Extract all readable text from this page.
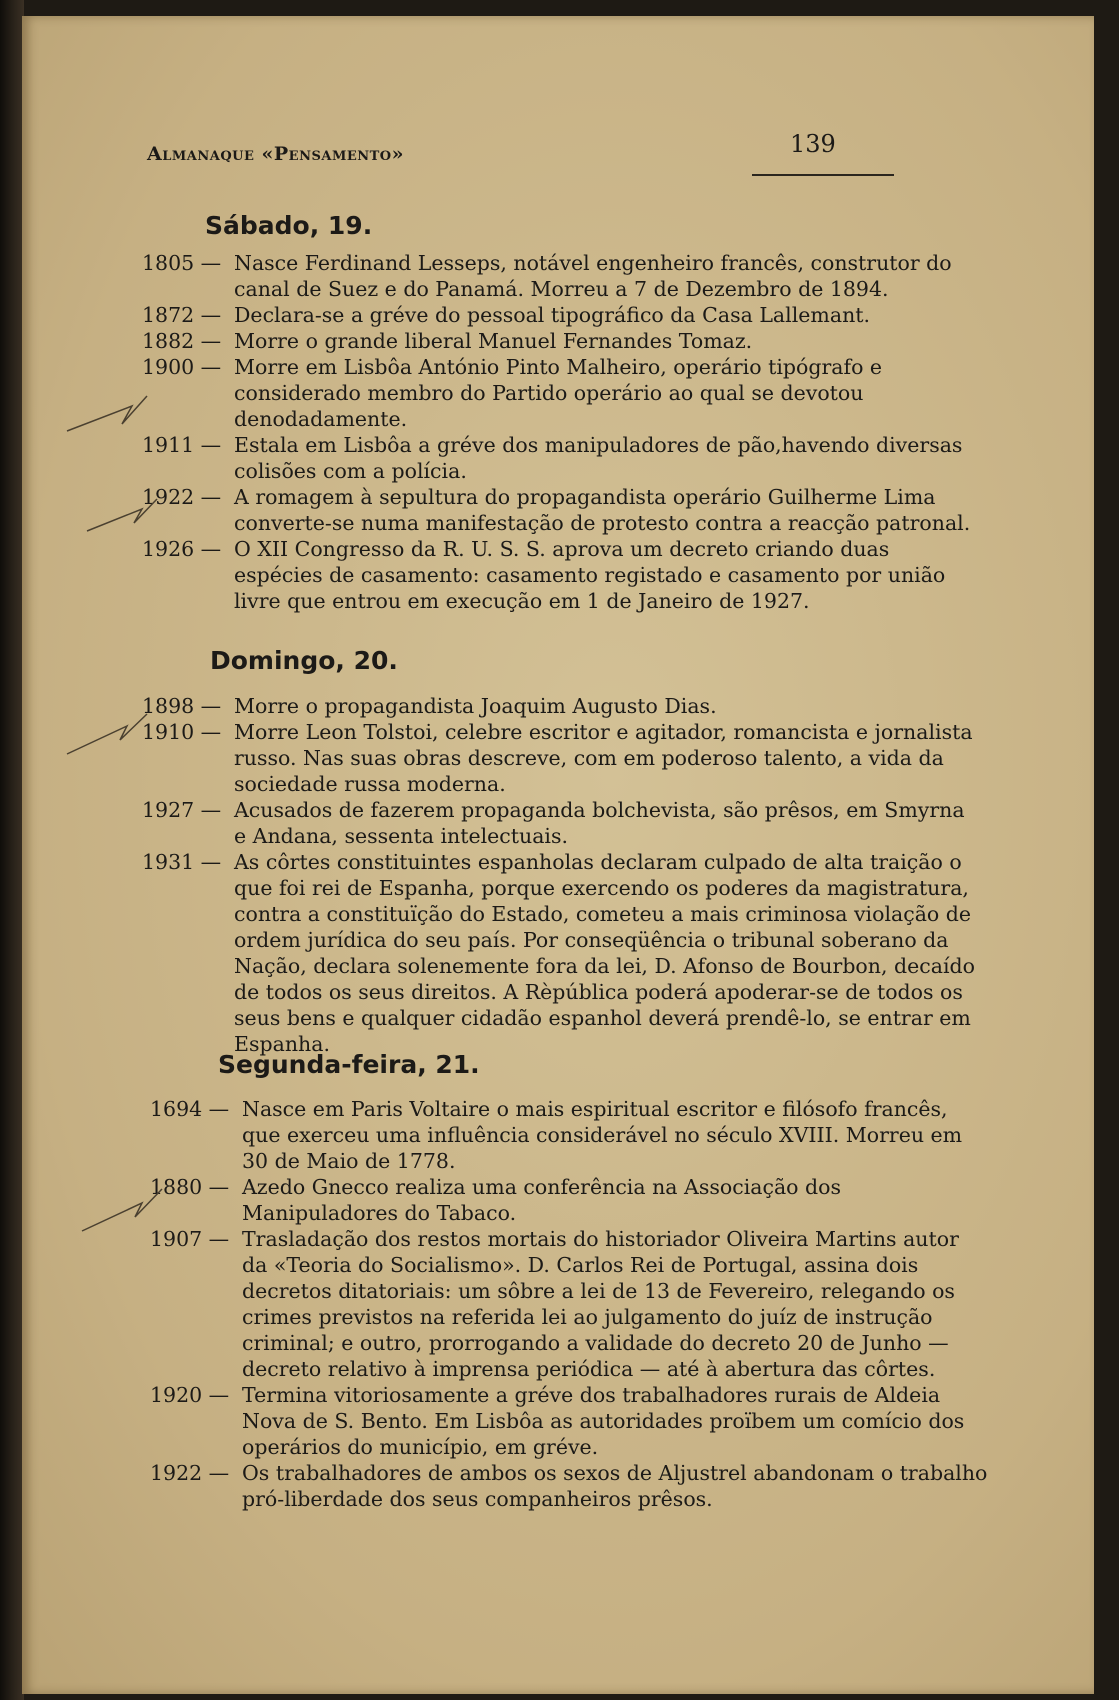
Almanaque «Pensamento»	139
Sábado, 19.
1805 — Nasce Ferdinand Lesseps, notável engenheiro francês, construtor do canal de Suez e do Panamá. Morreu a 7 de Dezembro de 1894.
1872 — Declara-se a gréve do pessoal tipográfico da Casa Lallemant.
1882 — Morre o grande liberal Manuel Fernandes Tomaz.
1900 — Morre em Lisbôa António Pinto Malheiro, operário tipógrafo e considerado membro do Partido operário ao qual se devotou denodadamente.
1911 — Estala em Lisbôa a gréve dos manipuladores de pão,havendo diversas colisões com a polícia.
1922 — A romagem à sepultura do propagandista operário Guilherme Lima converte-se numa manifestação de protesto contra a reacção patronal.
1926 — O XII Congresso da R. U. S. S. aprova um decreto criando duas espécies de casamento: casamento registado e casamento por união livre que entrou em execução em 1 de Janeiro de 1927.
Domingo, 20.
1898 — Morre o propagandista Joaquim Augusto Dias.
1910 — Morre Leon Tolstoi, celebre escritor e agitador, romancista e jornalista russo. Nas suas obras descreve, com em poderoso talento, a vida da sociedade russa moderna.
1927 — Acusados de fazerem propaganda bolchevista, são prêsos, em Smyrna e Andana, sessenta intelectuais.
1931 — As côrtes constituintes espanholas declaram culpado de alta traição o que foi rei de Espanha, porque exercendo os poderes da magistratura, contra a constituïção do Estado, cometeu a mais criminosa violação de ordem jurídica do seu país. Por conseqüência o tribunal soberano da Nação, declara solenemente fora da lei, D. Afonso de Bourbon, decaído de todos os seus direitos. A Rèpública poderá apoderar-se de todos os seus bens e qualquer cidadão espanhol deverá prendê-lo, se entrar em Espanha.
Segunda-feira, 21.
1694 — Nasce em Paris Voltaire o mais espiritual escritor e filósofo francês, que exerceu uma influência considerável no século XVIII. Morreu em 30 de Maio de 1778.
1880 — Azedo Gnecco realiza uma conferência na Associação dos Manipuladores do Tabaco.
1907 — Trasladação dos restos mortais do historiador Oliveira Martins autor da «Teoria do Socialismo». D. Carlos Rei de Portugal, assina dois decretos ditatoriais: um sôbre a lei de 13 de Fevereiro, relegando os crimes previstos na referida lei ao julgamento do juíz de instrução criminal; e outro, prorrogando a validade do decreto 20 de Junho — decreto relativo à imprensa periódica — até à abertura das côrtes.
1920 — Termina vitoriosamente a gréve dos trabalhadores rurais de Aldeia Nova de S. Bento. Em Lisbôa as autoridades proïbem um comício dos operários do município, em gréve.
1922 — Os trabalhadores de ambos os sexos de Aljustrel abandonam o trabalho pró-liberdade dos seus companheiros prêsos.
